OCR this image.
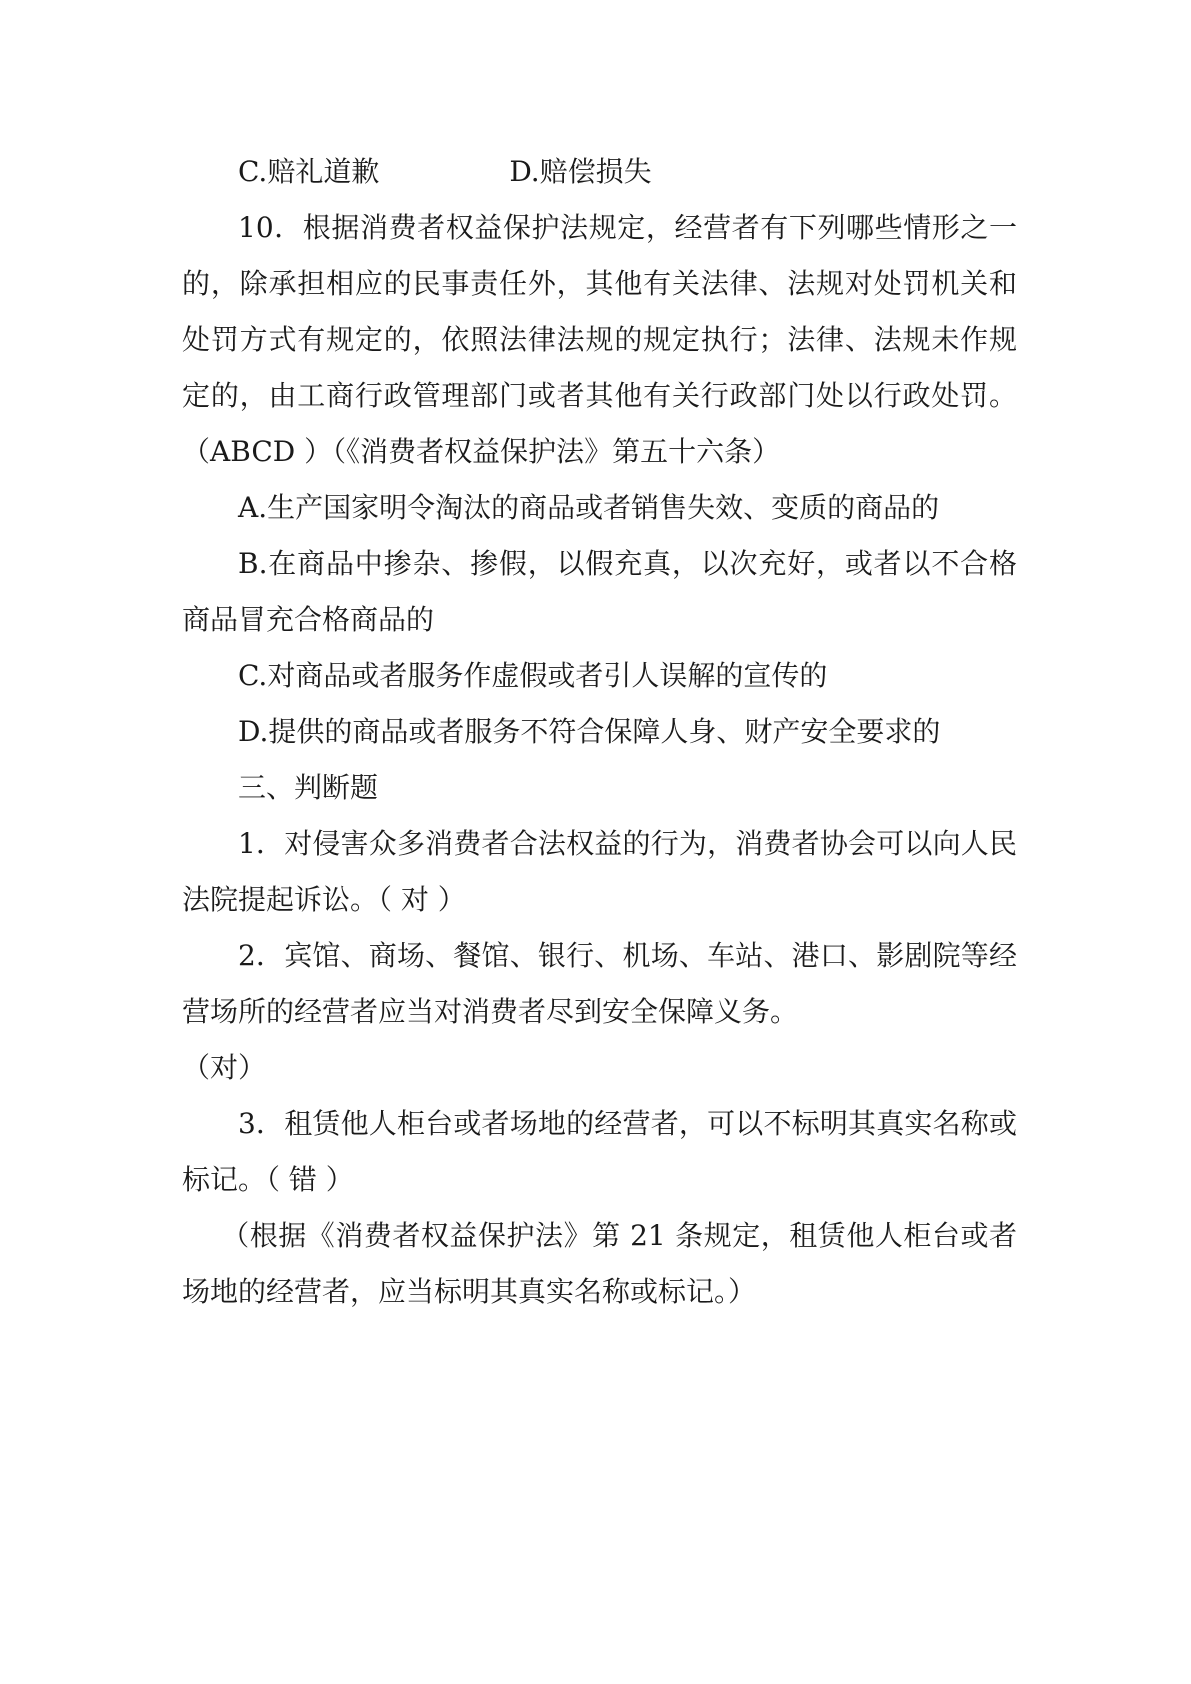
C.赔礼道歉	D.赔偿损失

10．根据消费者权益保护法规定，经营者有下列哪些情形之一的，除承担相应的民事责任外，其他有关法律、法规对处罚机关和处罚方式有规定的，依照法律法规的规定执行；法律、法规未作规定的，由工商行政管理部门或者其他有关行政部门处以行政处罚。（ABCD ）（《消费者权益保护法》第五十六条）

A.生产国家明令淘汰的商品或者销售失效、变质的商品的

B.在商品中掺杂、掺假，以假充真，以次充好，或者以不合格商品冒充合格商品的

C.对商品或者服务作虚假或者引人误解的宣传的

D.提供的商品或者服务不符合保障人身、财产安全要求的

三、判断题

1．对侵害众多消费者合法权益的行为，消费者协会可以向人民法院提起诉讼。（ 对 ）

2．宾馆、商场、餐馆、银行、机场、车站、港口、影剧院等经营场所的经营者应当对消费者尽到安全保障义务。

（对）

3．租赁他人柜台或者场地的经营者，可以不标明其真实名称或标记。（ 错 ）

（根据《消费者权益保护法》第 21 条规定，租赁他人柜台或者场地的经营者，应当标明其真实名称或标记。）
